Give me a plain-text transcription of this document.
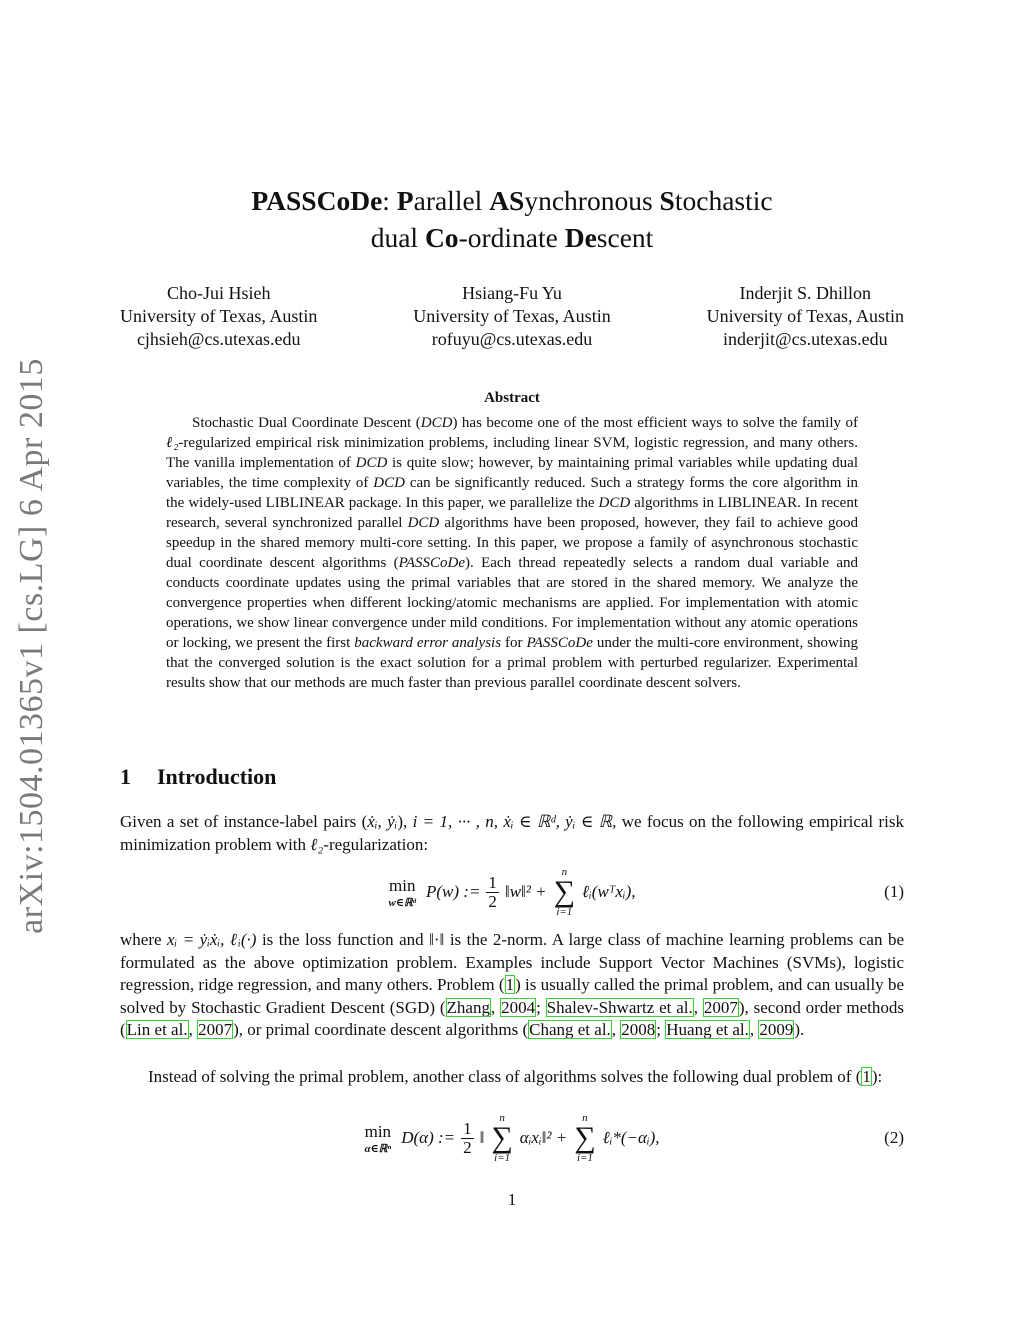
arXiv:1504.01365v1 [cs.LG] 6 Apr 2015
PASSCoDe: Parallel ASynchronous Stochastic
dual Co-ordinate Descent
Cho-Jui Hsieh
University of Texas, Austin
cjhsieh@cs.utexas.edu
Hsiang-Fu Yu
University of Texas, Austin
rofuyu@cs.utexas.edu
Inderjit S. Dhillon
University of Texas, Austin
inderjit@cs.utexas.edu
Abstract

Stochastic Dual Coordinate Descent (DCD) has become one of the most efficient ways to solve the family of ℓ₂-regularized empirical risk minimization problems, including linear SVM, logistic regression, and many others. The vanilla implementation of DCD is quite slow; however, by maintaining primal variables while updating dual variables, the time complexity of DCD can be significantly reduced. Such a strategy forms the core algorithm in the widely-used LIBLINEAR package. In this paper, we parallelize the DCD algorithms in LIBLINEAR. In recent research, several synchronized parallel DCD algorithms have been proposed, however, they fail to achieve good speedup in the shared memory multi-core setting. In this paper, we propose a family of asynchronous stochastic dual coordinate descent algorithms (PASSCoDe). Each thread repeatedly selects a random dual variable and conducts coordinate updates using the primal variables that are stored in the shared memory. We analyze the convergence properties when different locking/atomic mechanisms are applied. For implementation with atomic operations, we show linear convergence under mild conditions. For implementation without any atomic operations or locking, we present the first backward error analysis for PASSCoDe under the multi-core environment, showing that the converged solution is the exact solution for a primal problem with perturbed regularizer. Experimental results show that our methods are much faster than previous parallel coordinate descent solvers.

1 Introduction

Given a set of instance-label pairs (ẋᵢ, ẏᵢ), i = 1, ··· , n, ẋᵢ ∈ ℝᵈ, ẏᵢ ∈ ℝ, we focus on the following empirical risk minimization problem with ℓ₂-regularization:

min
w∈ℝᵈ
P(w) := $\frac{1}{2}$ ‖w‖² +
n
∑
i=1
ℓᵢ(wᵀxᵢ),	(1)

where xᵢ = ẏᵢẋᵢ, ℓᵢ(·) is the loss function and ‖·‖ is the 2-norm. A large class of machine learning problems can be formulated as the above optimization problem. Examples include Support Vector Machines (SVMs), logistic regression, ridge regression, and many others. Problem (1) is usually called the primal problem, and can usually be solved by Stochastic Gradient Descent (SGD) (Zhang, 2004; Shalev-Shwartz et al., 2007), second order methods (Lin et al., 2007), or primal coordinate descent algorithms (Chang et al., 2008; Huang et al., 2009).

Instead of solving the primal problem, another class of algorithms solves the following dual problem of (1):

min
α∈ℝⁿ
D(α) := $\frac{1}{2}$ ‖
n
∑
i=1
αᵢxᵢ‖² +
n
∑
i=1
ℓᵢ*(−αᵢ),	(2)
1
